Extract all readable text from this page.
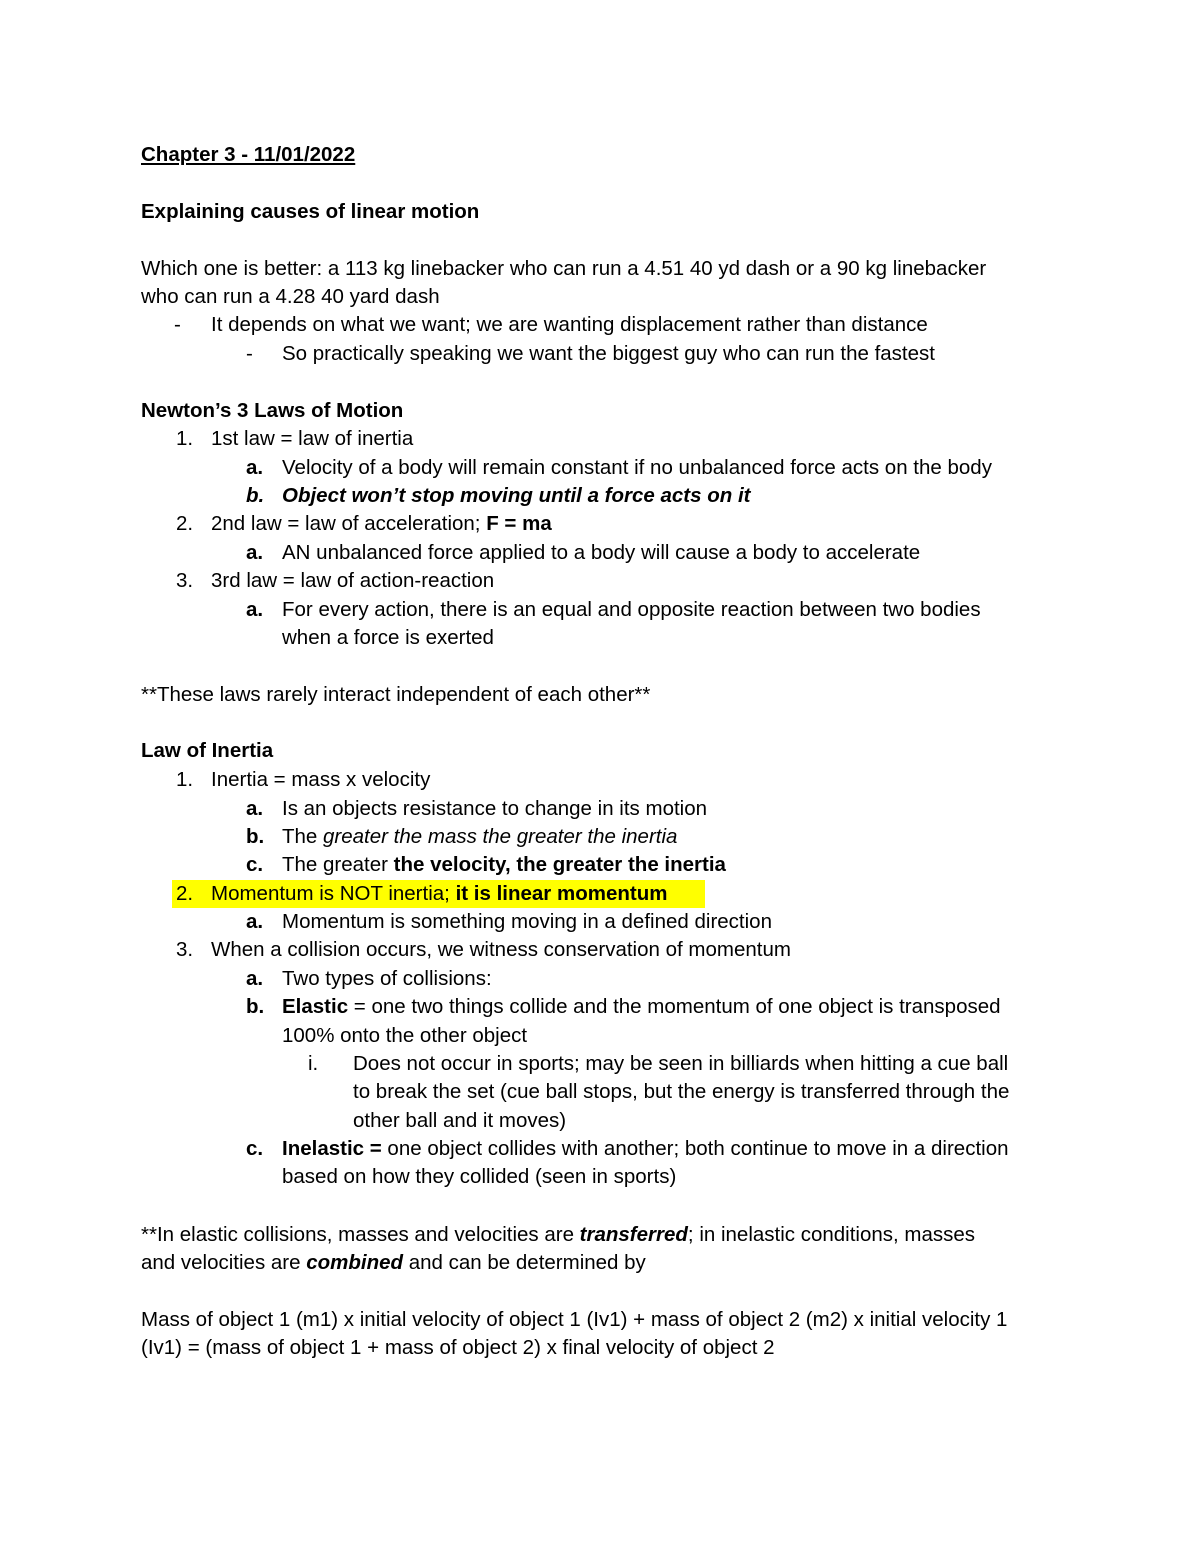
Chapter 3 - 11/01/2022
Explaining causes of linear motion
Which one is better: a 113 kg linebacker who can run a 4.51 40 yd dash or a 90 kg linebacker
who can run a 4.28 40 yard dash
- It depends on what we want; we are wanting displacement rather than distance
- So practically speaking we want the biggest guy who can run the fastest
Newton’s 3 Laws of Motion
1. 1st law = law of inertia
a. Velocity of a body will remain constant if no unbalanced force acts on the body
b. Object won’t stop moving until a force acts on it
2. 2nd law = law of acceleration; F = ma
a. AN unbalanced force applied to a body will cause a body to accelerate
3. 3rd law = law of action-reaction
a. For every action, there is an equal and opposite reaction between two bodies
when a force is exerted
**These laws rarely interact independent of each other**
Law of Inertia
1. Inertia = mass x velocity
a. Is an objects resistance to change in its motion
b. The greater the mass the greater the inertia
c. The greater the velocity, the greater the inertia
2. Momentum is NOT inertia; it is linear momentum
a. Momentum is something moving in a defined direction
3. When a collision occurs, we witness conservation of momentum
a. Two types of collisions:
b. Elastic = one two things collide and the momentum of one object is transposed
100% onto the other object
i. Does not occur in sports; may be seen in billiards when hitting a cue ball
to break the set (cue ball stops, but the energy is transferred through the
other ball and it moves)
c. Inelastic = one object collides with another; both continue to move in a direction
based on how they collided (seen in sports)
**In elastic collisions, masses and velocities are transferred; in inelastic conditions, masses
and velocities are combined and can be determined by
Mass of object 1 (m1) x initial velocity of object 1 (Iv1) + mass of object 2 (m2) x initial velocity 1
(Iv1) = (mass of object 1 + mass of object 2) x final velocity of object 2
